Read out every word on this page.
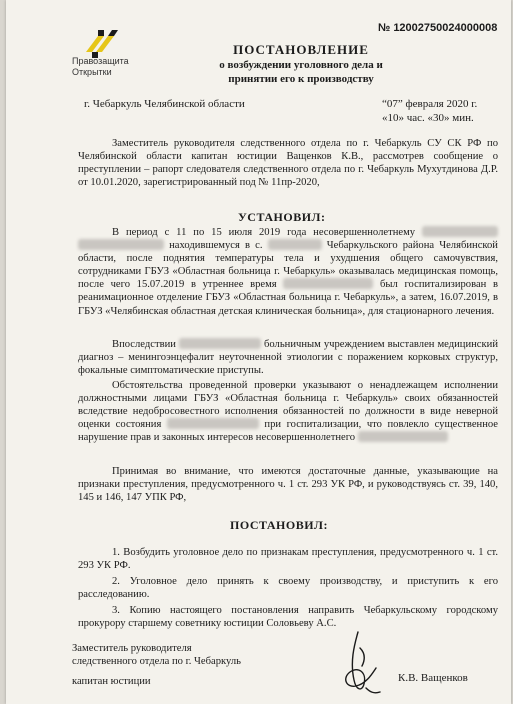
Правозащита
Открытки
№ 12002750024000008
ПОСТАНОВЛЕНИЕ
о возбуждении уголовного дела и принятии его к производству
г. Чебаркуль Челябинской области	“07” февраля 2020 г.
«10» час. «30» мин.
Заместитель руководителя следственного отдела по г. Чебаркуль СУ СК РФ по Челябинской области капитан юстиции Ващенков К.В., рассмотрев сообщение о преступлении – рапорт следователя следственного отдела по г. Чебаркуль Мухутдинова Д.Р. от 10.01.2020, зарегистрированный под № 11пр-2020,
УСТАНОВИЛ:
В период с 11 по 15 июля 2019 года несовершеннолетнему   находившемуся в с.	Чебаркульского района Челябинской области, после поднятия температуры тела и ухудшения общего самочувствия, сотрудниками ГБУЗ «Областная больница г. Чебаркуль» оказывалась медицинская помощь, после чего 15.07.2019 в утреннее время	был госпитализирован в реанимационное отделение ГБУЗ «Областная больница г. Чебаркуль», а затем, 16.07.2019, в ГБУЗ «Челябинская областная детская клиническая больница», для стационарного лечения.
Впоследствии	больничным учреждением выставлен медицинский диагноз – менингоэнцефалит неуточненной этиологии с поражением корковых структур, фокальные симптоматические приступы.
Обстоятельства проведенной проверки указывают о ненадлежащем исполнении должностными лицами ГБУЗ «Областная больница г. Чебаркуль» своих обязанностей вследствие недобросовестного исполнения обязанностей по должности в виде неверной оценки состояния	при госпитализации, что повлекло существенное нарушение прав и законных интересов несовершеннолетнего
Принимая во внимание, что имеются достаточные данные, указывающие на признаки преступления, предусмотренного ч. 1 ст. 293 УК РФ, и руководствуясь ст. 39, 140, 145 и 146, 147 УПК РФ,
ПОСТАНОВИЛ:
1. Возбудить уголовное дело по признакам преступления, предусмотренного ч. 1 ст. 293 УК РФ.
2. Уголовное дело принять к своему производству, и приступить к его расследованию.
3. Копию настоящего постановления направить Чебаркульскому городскому прокурору старшему советнику юстиции Соловьеву А.С.
Заместитель руководителя
следственного отдела по г. Чебаркуль
капитан юстиции	К.В. Ващенков
